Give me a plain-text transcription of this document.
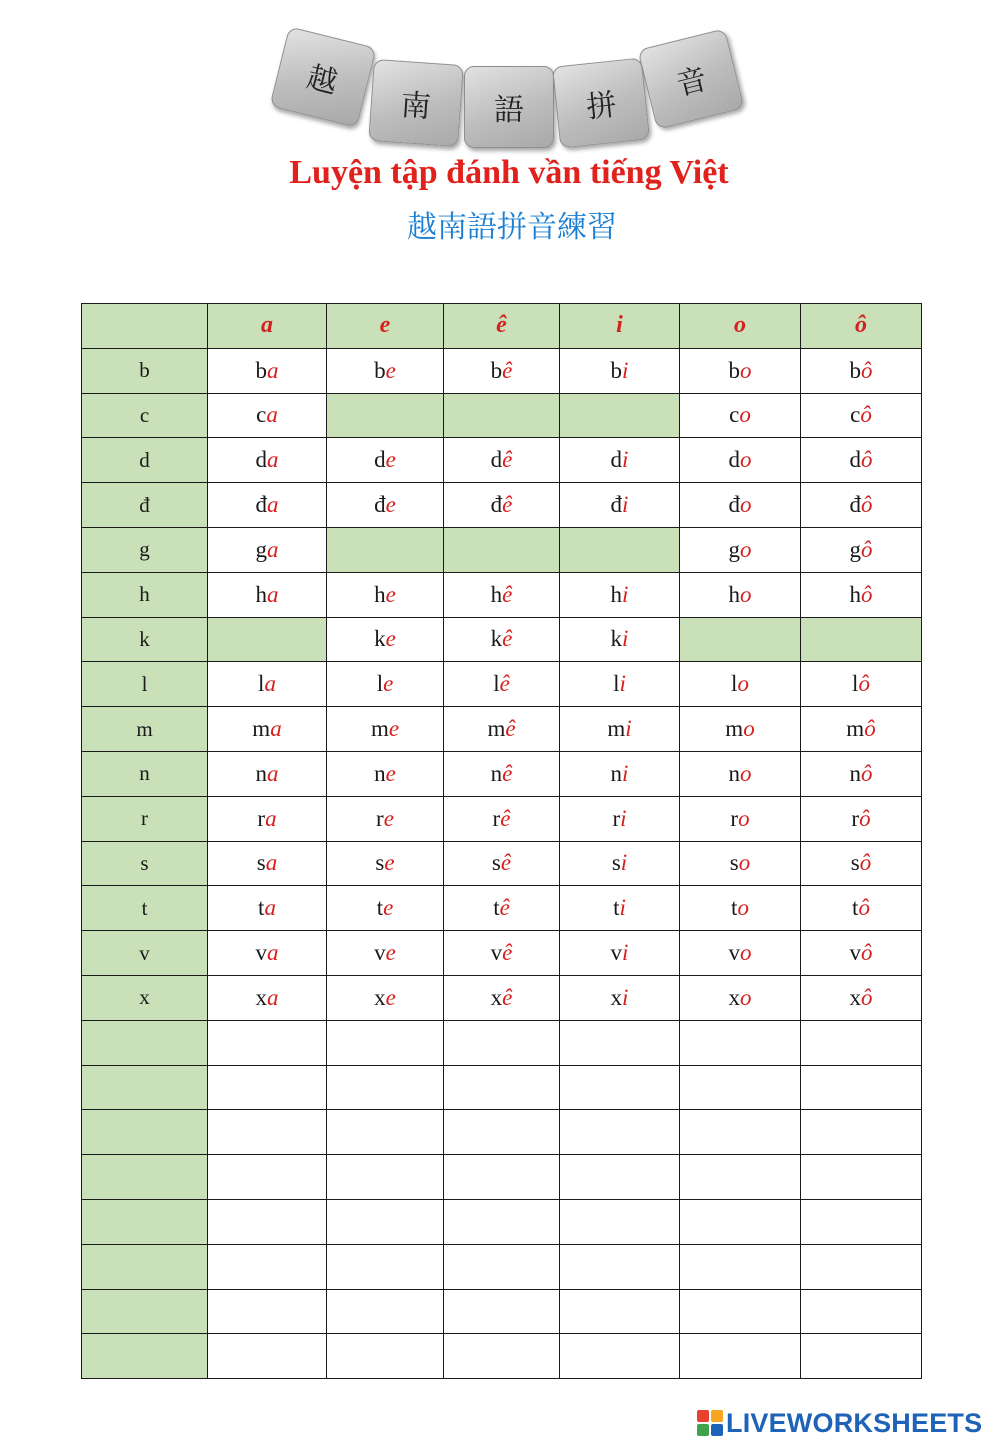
越
南	語	拼
音
Luyện tập đánh vần tiếng Việt
越南語拼音練習
	a	e	ê	i	o	ô
b	ba	be	bê	bi	bo	bô
c	ca				co	cô
d	da	de	dê	di	do	dô
đ	đa	đe	đê	đi	đo	đô
g	ga				go	gô
h	ha	he	hê	hi	ho	hô
k		ke	kê	ki		
l	la	le	lê	li	lo	lô
m	ma	me	mê	mi	mo	mô
n	na	ne	nê	ni	no	nô
r	ra	re	rê	ri	ro	rô
s	sa	se	sê	si	so	sô
t	ta	te	tê	ti	to	tô
v	va	ve	vê	vi	vo	vô
x	xa	xe	xê	xi	xo	xô

LIVEWORKSHEETS
